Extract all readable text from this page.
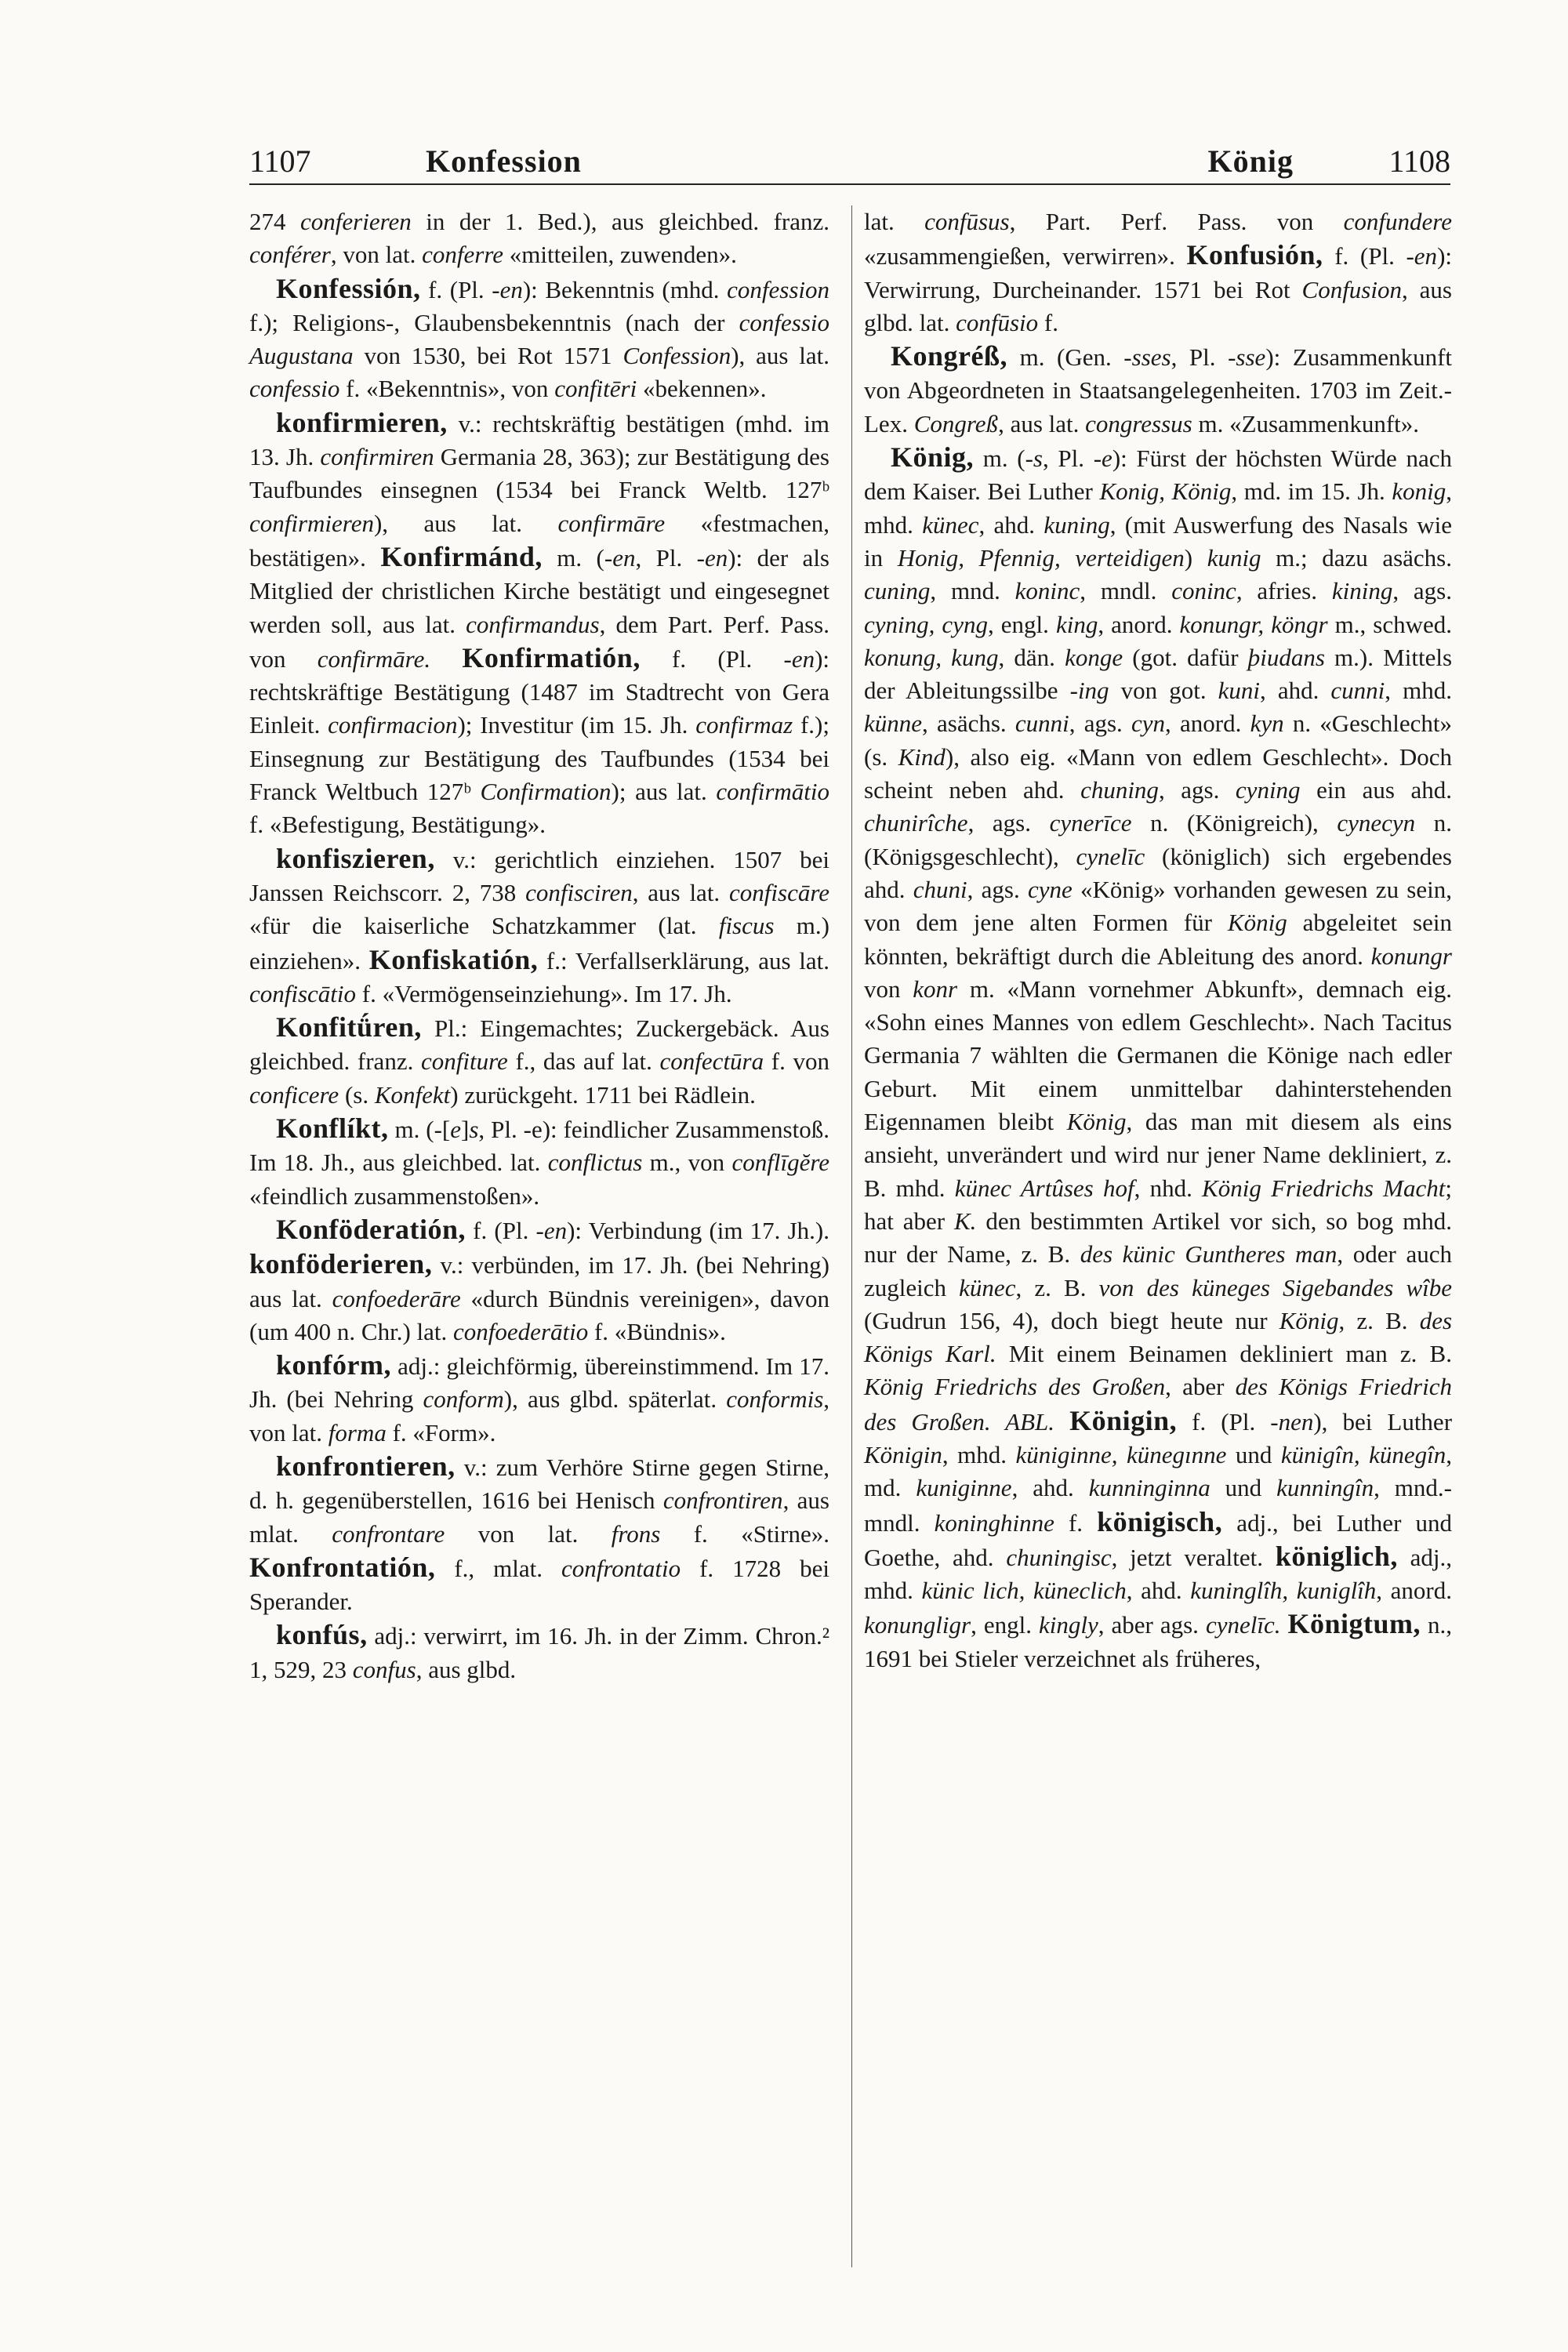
1107	Konfession	König	1108

274 conferieren in der 1. Bed.), aus gleichbed. franz. conférer, von lat. conferre «mitteilen, zuwenden».

Konfessión, f. (Pl. -en): Bekenntnis (mhd. confession f.); Religions-, Glaubensbekenntnis (nach der confessio Augustana von 1530, bei Rot 1571 Confession), aus lat. confessio f. «Bekenntnis», von confitēri «bekennen».

konfirmieren, v.: rechtskräftig bestätigen (mhd. im 13. Jh. confirmiren Germania 28, 363); zur Bestätigung des Taufbundes einsegnen (1534 bei Franck Weltb. 127ᵇ confirmieren), aus lat. confirmāre «festmachen, bestätigen». Konfirmánd, m. (-en, Pl. -en): der als Mitglied der christlichen Kirche bestätigt und eingesegnet werden soll, aus lat. confirmandus, dem Part. Perf. Pass. von confirmāre. Konfirmatión, f. (Pl. -en): rechtskräftige Bestätigung (1487 im Stadtrecht von Gera Einleit. confirmacion); Investitur (im 15. Jh. confirmaz f.); Einsegnung zur Bestätigung des Taufbundes (1534 bei Franck Weltbuch 127ᵇ Confirmation); aus lat. confirmātio f. «Befestigung, Bestätigung».

konfiszieren, v.: gerichtlich einziehen. 1507 bei Janssen Reichscorr. 2, 738 confisciren, aus lat. confiscāre «für die kaiserliche Schatzkammer (lat. fiscus m.) einziehen». Konfiskatión, f.: Verfallserklärung, aus lat. confiscātio f. «Vermögenseinziehung». Im 17. Jh.

Konfitǘren, Pl.: Eingemachtes; Zuckergebäck. Aus gleichbed. franz. confiture f., das auf lat. confectūra f. von conficere (s. Konfekt) zurückgeht. 1711 bei Rädlein.

Konflíkt, m. (-[e]s, Pl. -e): feindlicher Zusammenstoß. Im 18. Jh., aus gleichbed. lat. conflictus m., von conflīgĕre «feindlich zusammenstoßen».

Konföderatión, f. (Pl. -en): Verbindung (im 17. Jh.). konföderieren, v.: verbünden, im 17. Jh. (bei Nehring) aus lat. confoederāre «durch Bündnis vereinigen», davon (um 400 n. Chr.) lat. confoederātio f. «Bündnis».

konfórm, adj.: gleichförmig, übereinstimmend. Im 17. Jh. (bei Nehring conform), aus glbd. späterlat. conformis, von lat. forma f. «Form».

konfrontieren, v.: zum Verhöre Stirne gegen Stirne, d. h. gegenüberstellen, 1616 bei Henisch confrontiren, aus mlat. confrontare von lat. frons f. «Stirne». Konfrontatión, f., mlat. confrontatio f. 1728 bei Sperander.

konfús, adj.: verwirrt, im 16. Jh. in der Zimm. Chron.² 1, 529, 23 confus, aus glbd.

lat. confūsus, Part. Perf. Pass. von confundere «zusammengießen, verwirren». Konfusión, f. (Pl. -en): Verwirrung, Durcheinander. 1571 bei Rot Confusion, aus glbd. lat. confūsio f.

Kongréß, m. (Gen. -sses, Pl. -sse): Zusammenkunft von Abgeordneten in Staatsangelegenheiten. 1703 im Zeit.-Lex. Congreß, aus lat. congressus m. «Zusammenkunft».

König, m. (-s, Pl. -e): Fürst der höchsten Würde nach dem Kaiser. Bei Luther Konig, König, md. im 15. Jh. konig, mhd. künec, ahd. kuning, (mit Auswerfung des Nasals wie in Honig, Pfennig, verteidigen) kunig m.; dazu asächs. cuning, mnd. koninc, mndl. coninc, afries. kining, ags. cyning, cyng, engl. king, anord. konungr, köngr m., schwed. konung, kung, dän. konge (got. dafür þiudans m.). Mittels der Ableitungssilbe -ing von got. kuni, ahd. cunni, mhd. künne, asächs. cunni, ags. cyn, anord. kyn n. «Geschlecht» (s. Kind), also eig. «Mann von edlem Geschlecht». Doch scheint neben ahd. chuning, ags. cyning ein aus ahd. chunirîche, ags. cynerīce n. (Königreich), cynecyn n. (Königsgeschlecht), cynelīc (königlich) sich ergebendes ahd. chuni, ags. cyne «König» vorhanden gewesen zu sein, von dem jene alten Formen für König abgeleitet sein könnten, bekräftigt durch die Ableitung des anord. konungr von konr m. «Mann vornehmer Abkunft», demnach eig. «Sohn eines Mannes von edlem Geschlecht». Nach Tacitus Germania 7 wählten die Germanen die Könige nach edler Geburt. Mit einem unmittelbar dahinterstehenden Eigennamen bleibt König, das man mit diesem als eins ansieht, unverändert und wird nur jener Name dekliniert, z. B. mhd. künec Artûses hof, nhd. König Friedrichs Macht; hat aber K. den bestimmten Artikel vor sich, so bog mhd. nur der Name, z. B. des künic Guntheres man, oder auch zugleich künec, z. B. von des küneges Sigebandes wîbe (Gudrun 156, 4), doch biegt heute nur König, z. B. des Königs Karl. Mit einem Beinamen dekliniert man z. B. König Friedrichs des Großen, aber des Königs Friedrich des Großen. ABL. Königin, f. (Pl. -nen), bei Luther Königin, mhd. küniginne, künegınne und künigîn, künegîn, md. kuniginne, ahd. kunninginna und kunningîn, mnd.-mndl. koninghinne f. königisch, adj., bei Luther und Goethe, ahd. chuningisc, jetzt veraltet. königlich, adj., mhd. künic lich, küneclich, ahd. kuninglîh, kuniglîh, anord. konungligr, engl. kingly, aber ags. cynelīc. Königtum, n., 1691 bei Stieler verzeichnet als früheres,
